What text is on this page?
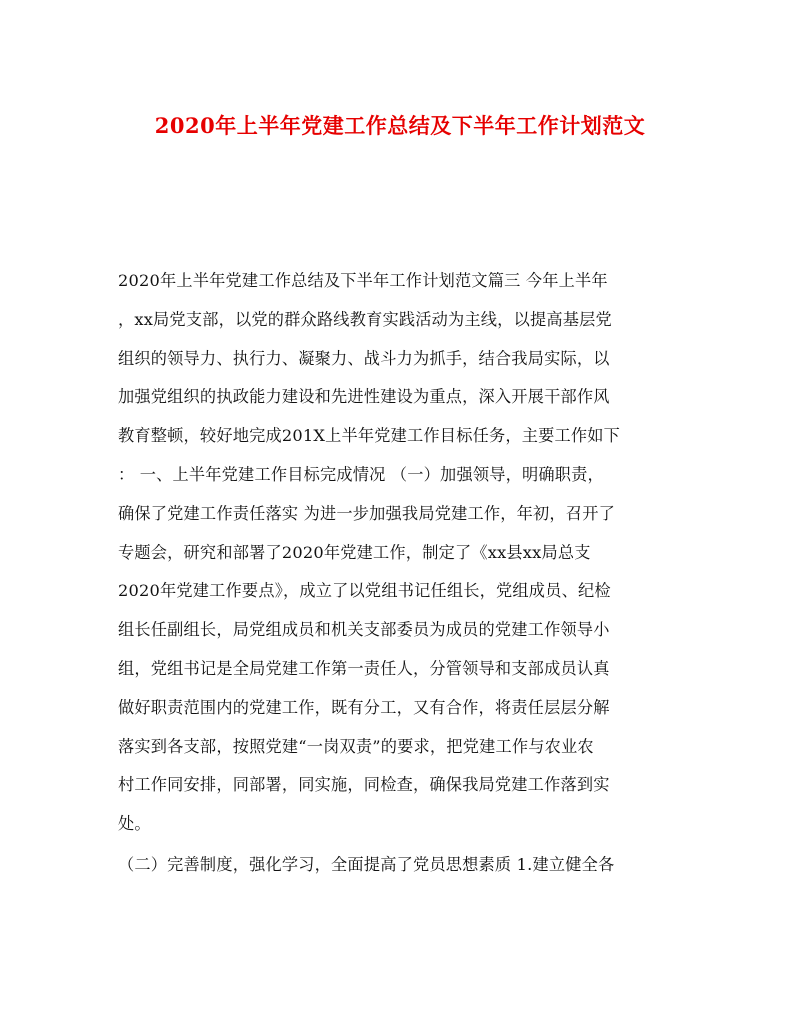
2020年上半年党建工作总结及下半年工作计划范文
2020年上半年党建工作总结及下半年工作计划范文篇三 今年上半年
，xx局党支部，以党的群众路线教育实践活动为主线，以提高基层党
组织的领导力、执行力、凝聚力、战斗力为抓手，结合我局实际，以
加强党组织的执政能力建设和先进性建设为重点，深入开展干部作风
教育整顿，较好地完成201X上半年党建工作目标任务，主要工作如下
： 一、上半年党建工作目标完成情况 （一）加强领导，明确职责，
确保了党建工作责任落实 为进一步加强我局党建工作，年初，召开了
专题会，研究和部署了2020年党建工作，制定了《xx县xx局总支
2020年党建工作要点》，成立了以党组书记任组长，党组成员、纪检
组长任副组长，局党组成员和机关支部委员为成员的党建工作领导小
组，党组书记是全局党建工作第一责任人，分管领导和支部成员认真
做好职责范围内的党建工作，既有分工，又有合作，将责任层层分解
落实到各支部，按照党建“一岗双责”的要求，把党建工作与农业农
村工作同安排，同部署，同实施，同检查，确保我局党建工作落到实
处。
（二）完善制度，强化学习，全面提高了党员思想素质 1.建立健全各
